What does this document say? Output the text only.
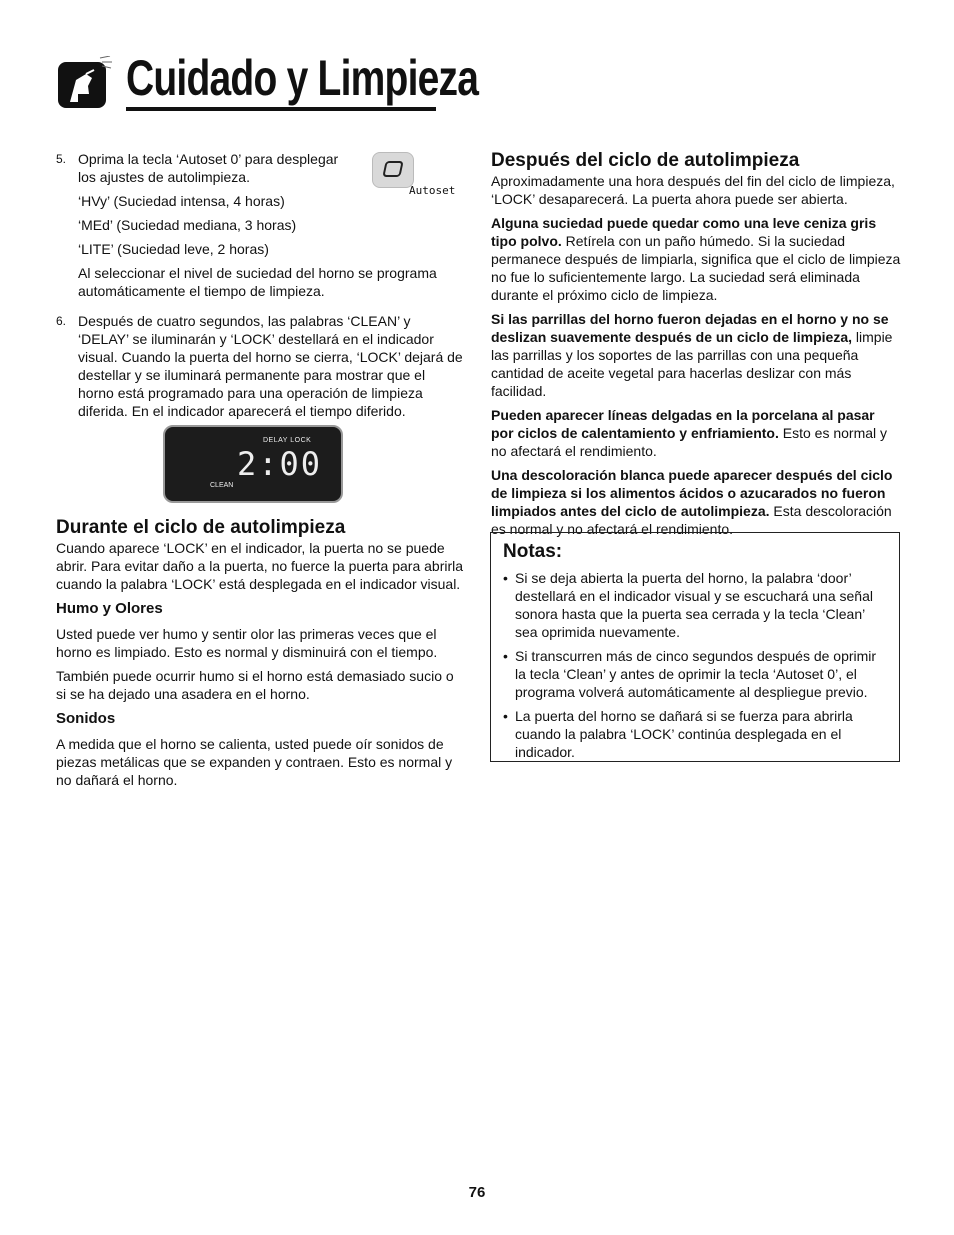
Cuidado y Limpieza
Autoset
5. Oprima la tecla ‘Autoset 0’ para desplegar los ajustes de autolimpieza.

‘HVy’ (Suciedad intensa, 4 horas)

‘MEd’ (Suciedad mediana, 3 horas)

‘LITE’ (Suciedad leve, 2 horas)

Al seleccionar el nivel de suciedad del horno se programa automáticamente el tiempo de limpieza.

6. Después de cuatro segundos, las palabras ‘CLEAN’ y ‘DELAY’ se iluminarán y ‘LOCK’ destellará en el indicador visual. Cuando la puerta del horno se cierra, ‘LOCK’ dejará de destellar y se iluminará permanente para mostrar que el horno está programado para una operación de limpieza diferida. En el indicador aparecerá el tiempo diferido.

DELAY LOCK
2:00
CLEAN
Durante el ciclo de autolimpieza

Cuando aparece ‘LOCK’ en el indicador, la puerta no se puede abrir. Para evitar daño a la puerta, no fuerce la puerta para abrirla cuando la palabra ‘LOCK’ está desplegada en el indicador visual.

Humo y Olores

Usted puede ver humo y sentir olor las primeras veces que el horno es limpiado. Esto es normal y disminuirá con el tiempo.

También puede ocurrir humo si el horno está demasiado sucio o si se ha dejado una asadera en el horno.

Sonidos

A medida que el horno se calienta, usted puede oír sonidos de piezas metálicas que se expanden y contraen. Esto es normal y no dañará el horno.

Después del ciclo de autolimpieza

Aproximadamente una hora después del fin del ciclo de limpieza, ‘LOCK’ desaparecerá. La puerta ahora puede ser abierta.

Alguna suciedad puede quedar como una leve ceniza gris tipo polvo. Retírela con un paño húmedo. Si la suciedad permanece después de limpiarla, significa que el ciclo de limpieza no fue lo suficientemente largo. La suciedad será eliminada durante el próximo ciclo de limpieza.

Si las parrillas del horno fueron dejadas en el horno y no se deslizan suavemente después de un ciclo de limpieza, limpie las parrillas y los soportes de las parrillas con una pequeña cantidad de aceite vegetal para hacerlas deslizar con más facilidad.

Pueden aparecer líneas delgadas en la porcelana al pasar por ciclos de calentamiento y enfriamiento. Esto es normal y no afectará el rendimiento.

Una descoloración blanca puede aparecer después del ciclo de limpieza si los alimentos ácidos o azucarados no fueron limpiados antes del ciclo de autolimpieza. Esta descoloración es normal y no afectará el rendimiento.

Notas:
• Si se deja abierta la puerta del horno, la palabra ‘door’ destellará en el indicador visual y se escuchará una señal sonora hasta que la puerta sea cerrada y la tecla ‘Clean’ sea oprimida nuevamente.
• Si transcurren más de cinco segundos después de oprimir la tecla ‘Clean’ y antes de oprimir la tecla ‘Autoset 0’, el programa volverá automáticamente al despliegue previo.
• La puerta del horno se dañará si se fuerza para abrirla cuando la palabra ‘LOCK’ continúa desplegada en el indicador.
76
